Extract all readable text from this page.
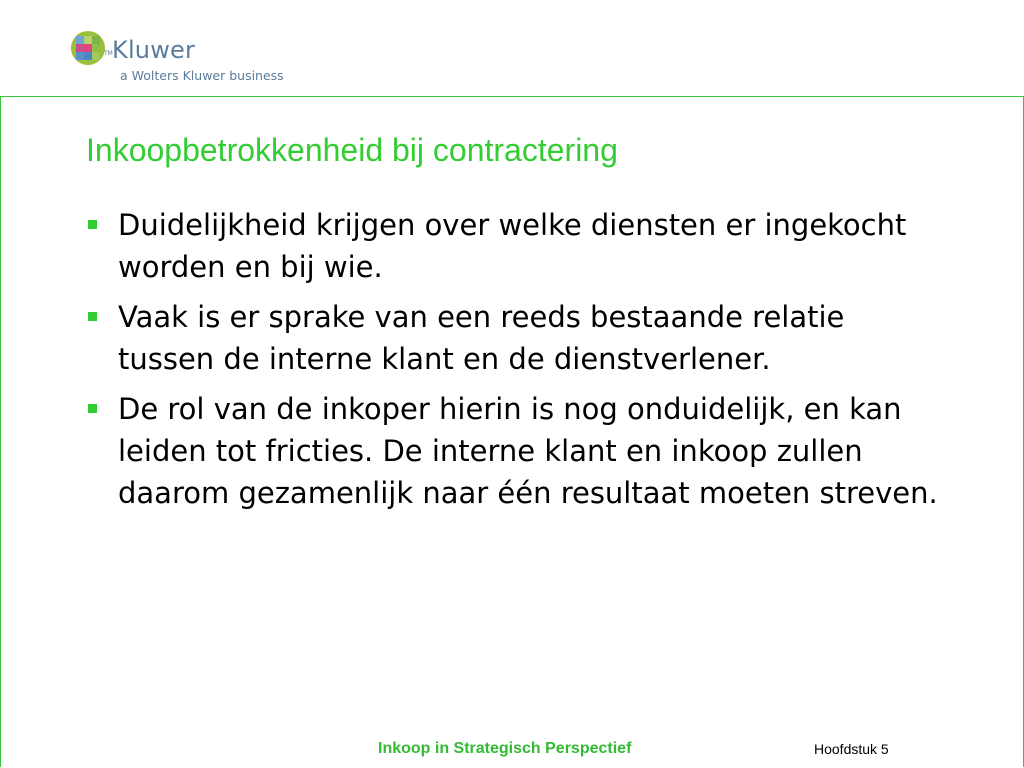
TM Kluwer
a Wolters Kluwer business
Inkoopbetrokkenheid bij contractering
Duidelijkheid krijgen over welke diensten er ingekocht worden en bij wie.
Vaak is er sprake van een reeds bestaande relatie tussen de interne klant en de dienstverlener.
De rol van de inkoper hierin is nog onduidelijk, en kan leiden tot fricties. De interne klant en inkoop zullen daarom gezamenlijk naar één resultaat moeten streven.
Inkoop in Strategisch Perspectief	Hoofdstuk 5
